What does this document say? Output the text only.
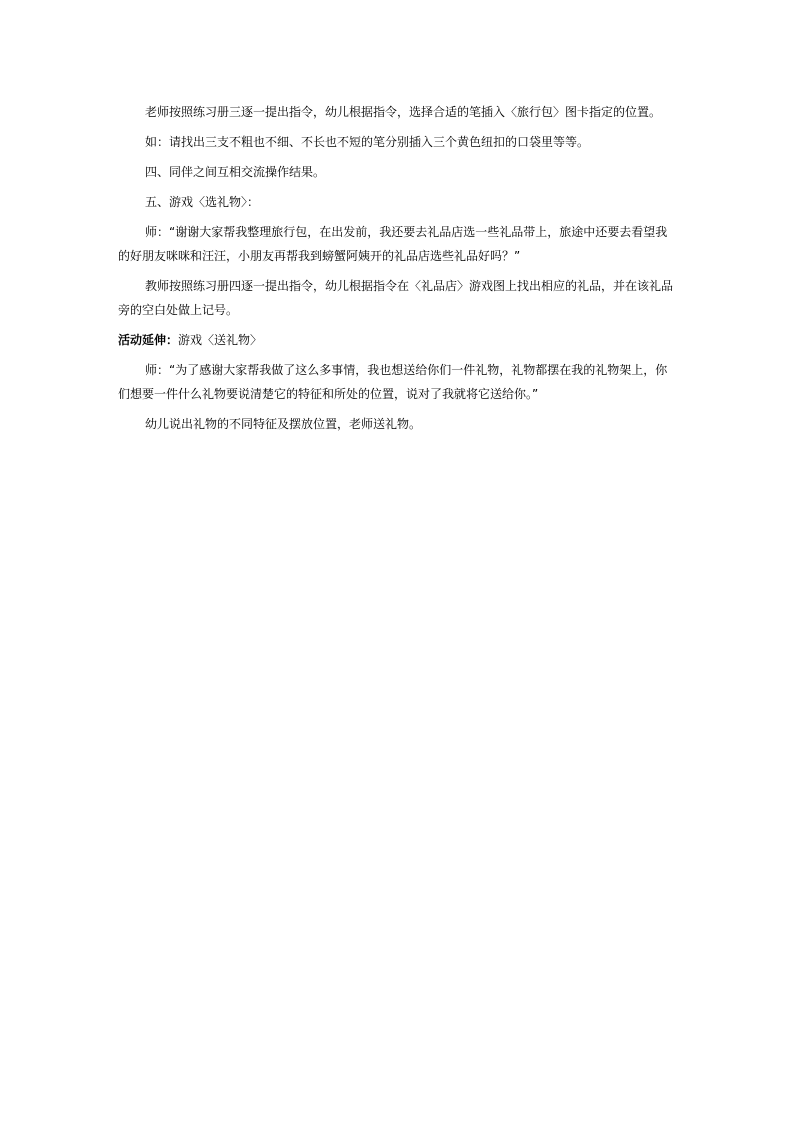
老师按照练习册三逐一提出指令，幼儿根据指令，选择合适的笔插入〈旅行包〉图卡指定的位置。

如：请找出三支不粗也不细、不长也不短的笔分别插入三个黄色纽扣的口袋里等等。

四、同伴之间互相交流操作结果。

五、游戏〈选礼物〉：

师：“谢谢大家帮我整理旅行包，在出发前，我还要去礼品店选一些礼品带上，旅途中还要去看望我的好朋友咪咪和汪汪，小朋友再帮我到螃蟹阿姨开的礼品店选些礼品好吗？”

教师按照练习册四逐一提出指令，幼儿根据指令在〈礼品店〉游戏图上找出相应的礼品，并在该礼品旁的空白处做上记号。

活动延伸：游戏〈送礼物〉

师：“为了感谢大家帮我做了这么多事情，我也想送给你们一件礼物，礼物都摆在我的礼物架上，你们想要一件什么礼物要说清楚它的特征和所处的位置，说对了我就将它送给你。”

幼儿说出礼物的不同特征及摆放位置，老师送礼物。
